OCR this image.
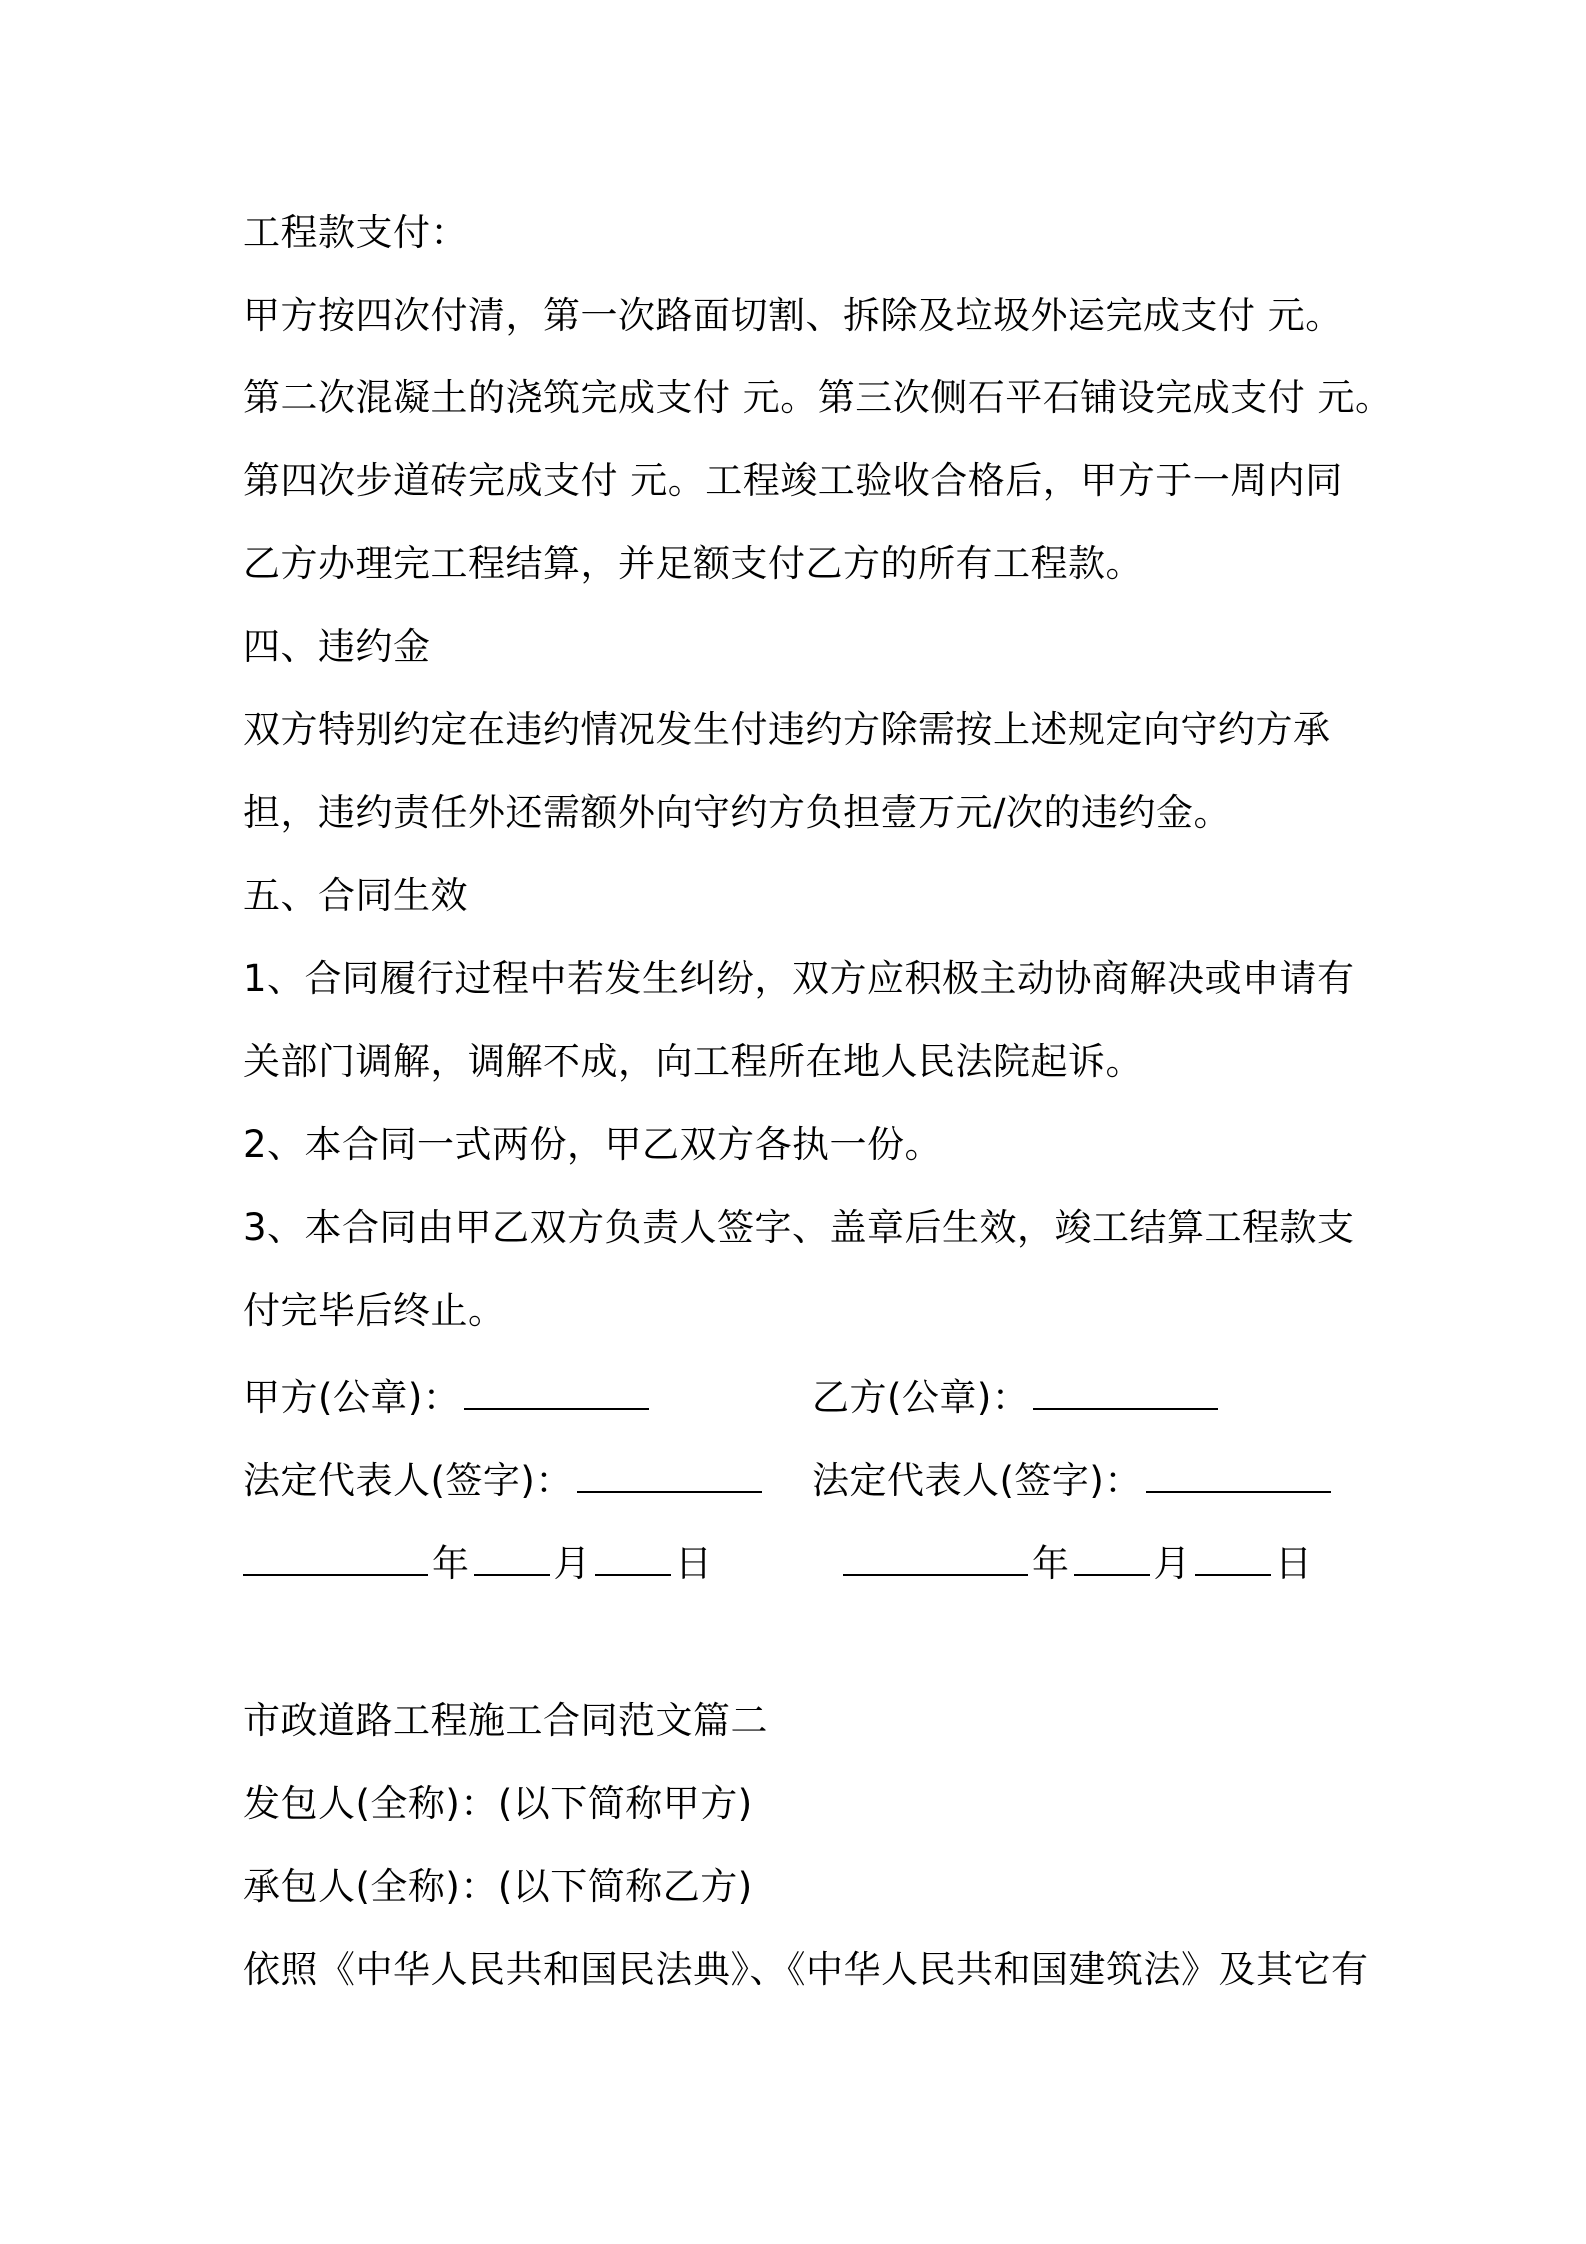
工程款支付：
甲方按四次付清，第一次路面切割、拆除及垃圾外运完成支付 元。
第二次混凝土的浇筑完成支付 元。第三次侧石平石铺设完成支付 元。
第四次步道砖完成支付 元。工程竣工验收合格后，甲方于一周内同
乙方办理完工程结算，并足额支付乙方的所有工程款。
四、违约金
双方特别约定在违约情况发生付违约方除需按上述规定向守约方承
担，违约责任外还需额外向守约方负担壹万元/次的违约金。
五、合同生效
1、合同履行过程中若发生纠纷，双方应积极主动协商解决或申请有
关部门调解，调解不成，向工程所在地人民法院起诉。
2、本合同一式两份，甲乙双方各执一份。
3、本合同由甲乙双方负责人签字、盖章后生效，竣工结算工程款支
付完毕后终止。
甲方(公章)：	乙方(公章)：
法定代表人(签字)：	法定代表人(签字)：
年 月 日	年 月 日
市政道路工程施工合同范文篇二
发包人(全称)：(以下简称甲方)
承包人(全称)：(以下简称乙方)
依照《中华人民共和国民法典》、《中华人民共和国建筑法》及其它有
